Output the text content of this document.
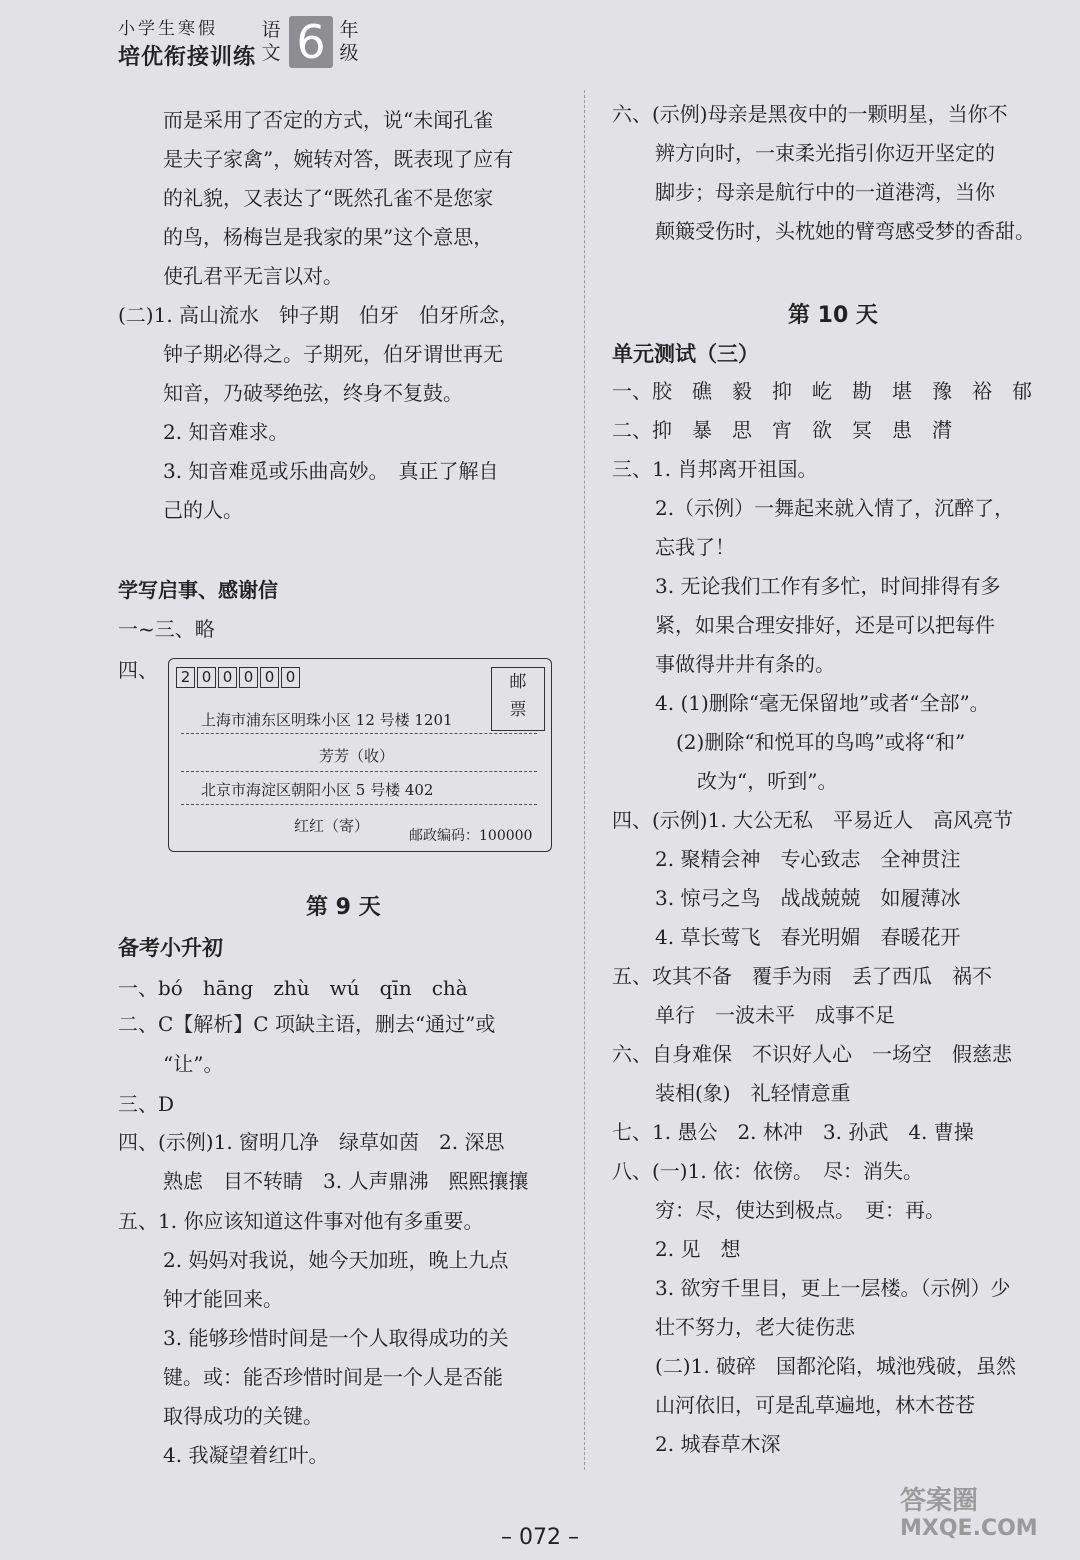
小学生寒假
培优衔接训练
语文 6 年级
而是采用了否定的方式，说“未闻孔雀
是夫子家禽”，婉转对答，既表现了应有
的礼貌，又表达了“既然孔雀不是您家
的鸟，杨梅岂是我家的果”这个意思，
使孔君平无言以对。
(二)1. 高山流水　钟子期　伯牙　伯牙所念，
钟子期必得之。子期死，伯牙谓世再无
知音，乃破琴绝弦，终身不复鼓。
2. 知音难求。
3. 知音难觅或乐曲高妙。　真正了解自
己的人。
学写启事、感谢信
一~三、略
四、	2 0 0 0 0 0	邮
票
上海市浦东区明珠小区 12 号楼 1201
芳芳（收）
北京市海淀区朝阳小区 5 号楼 402
红红（寄）
邮政编码：100000
第 9 天
备考小升初
一、bó　hāng　zhù　wú　qīn　chà
二、C【解析】C 项缺主语，删去“通过”或
“让”。
三、D
四、(示例)1. 窗明几净　绿草如茵　2. 深思
熟虑　目不转睛　3. 人声鼎沸　熙熙攘攘
五、1. 你应该知道这件事对他有多重要。
2. 妈妈对我说，她今天加班，晚上九点
钟才能回来。
3. 能够珍惜时间是一个人取得成功的关
键。或：能否珍惜时间是一个人是否能
取得成功的关键。
4. 我凝望着红叶。
六、(示例)母亲是黑夜中的一颗明星，当你不
辨方向时，一束柔光指引你迈开坚定的
脚步；母亲是航行中的一道港湾，当你
颠簸受伤时，头枕她的臂弯感受梦的香甜。
第 10 天
单元测试（三）
一、胶　礁　毅　抑　屹　勘　堪　豫　裕　郁
二、抑　暴　思　宵　欲　冥　患　潸
三、1. 肖邦离开祖国。
2.（示例）一舞起来就入情了，沉醉了，
忘我了！
3. 无论我们工作有多忙，时间排得有多
紧，如果合理安排好，还是可以把每件
事做得井井有条的。
4. (1)删除“毫无保留地”或者“全部”。
(2)删除“和悦耳的鸟鸣”或将“和”
改为“，听到”。
四、(示例)1. 大公无私　平易近人　高风亮节
2. 聚精会神　专心致志　全神贯注
3. 惊弓之鸟　战战兢兢　如履薄冰
4. 草长莺飞　春光明媚　春暖花开
五、攻其不备　覆手为雨　丢了西瓜　祸不
单行　一波未平　成事不足
六、自身难保　不识好人心　一场空　假慈悲
装相(象)　礼轻情意重
七、1. 愚公　2. 林冲　3. 孙武　4. 曹操
八、(一)1. 依：依傍。　尽：消失。
穷：尽，使达到极点。　更：再。
2. 见　想
3. 欲穷千里目，更上一层楼。（示例）少
壮不努力，老大徒伤悲
(二)1. 破碎　国都沦陷，城池残破，虽然
山河依旧，可是乱草遍地，林木苍苍
2. 城春草木深
– 072 –
答案圈
MXQE.COM
